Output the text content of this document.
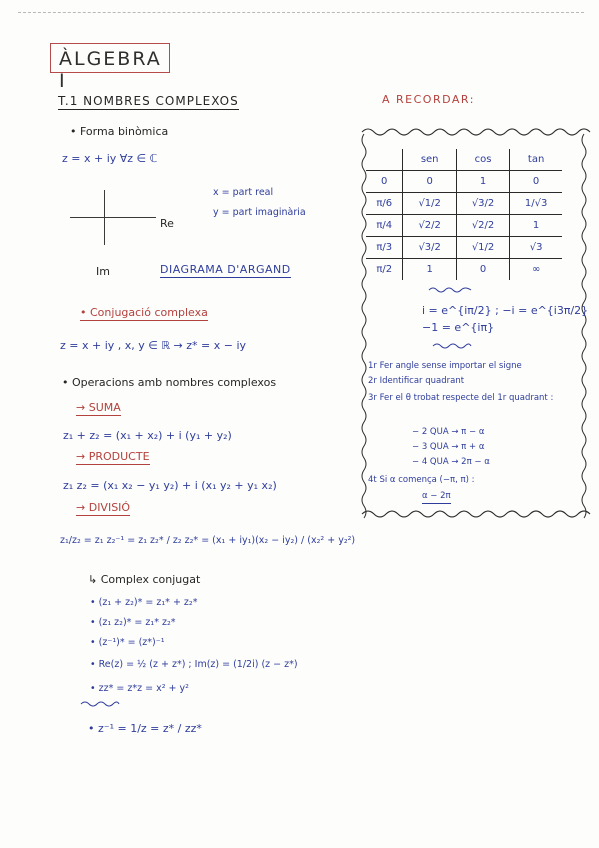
ÀLGEBRA I
T.1 NOMBRES COMPLEXOS
• Forma binòmica
z = x + iy ∀z ∈ ℂ
Re
Im
x = part real
y = part imaginària
DIAGRAMA D'ARGAND
• Conjugació complexa
z = x + iy , x, y ∈ ℝ → z* = x − iy
• Operacions amb nombres complexos
→ SUMA
z₁ + z₂ = (x₁ + x₂) + i (y₁ + y₂)
→ PRODUCTE
z₁ z₂ = (x₁ x₂ − y₁ y₂) + i (x₁ y₂ + y₁ x₂)
→ DIVISIÓ
z₁/z₂ = z₁ z₂⁻¹ = z₁ z₂* / z₂ z₂* = (x₁ + iy₁)(x₂ − iy₂) / (x₂² + y₂²)
↳ Complex conjugat
• (z₁ + z₂)* = z₁* + z₂*
• (z₁ z₂)* = z₁* z₂*
• (z⁻¹)* = (z*)⁻¹
• Re(z) = ½ (z + z*) ; Im(z) = (1/2i) (z − z*)
• zz* = z*z = x² + y²
• z⁻¹ = 1/z = z* / zz*
A RECORDAR:
	sen	cos	tan
0	0	1	0
π/6	√1/2	√3/2	1/√3
π/4	√2/2	√2/2	1
π/3	√3/2	√1/2	√3
π/2	1	0	∞
i = e^{iπ/2} ; −i = e^{i3π/2}
−1 = e^{iπ}
1r Fer angle sense importar el signe
2r Identificar quadrant
3r Fer el θ trobat respecte del 1r quadrant :
− 2 QUA → π − α
− 3 QUA → π + α
− 4 QUA → 2π − α
4t Si α comença (−π, π) :
α − 2π
